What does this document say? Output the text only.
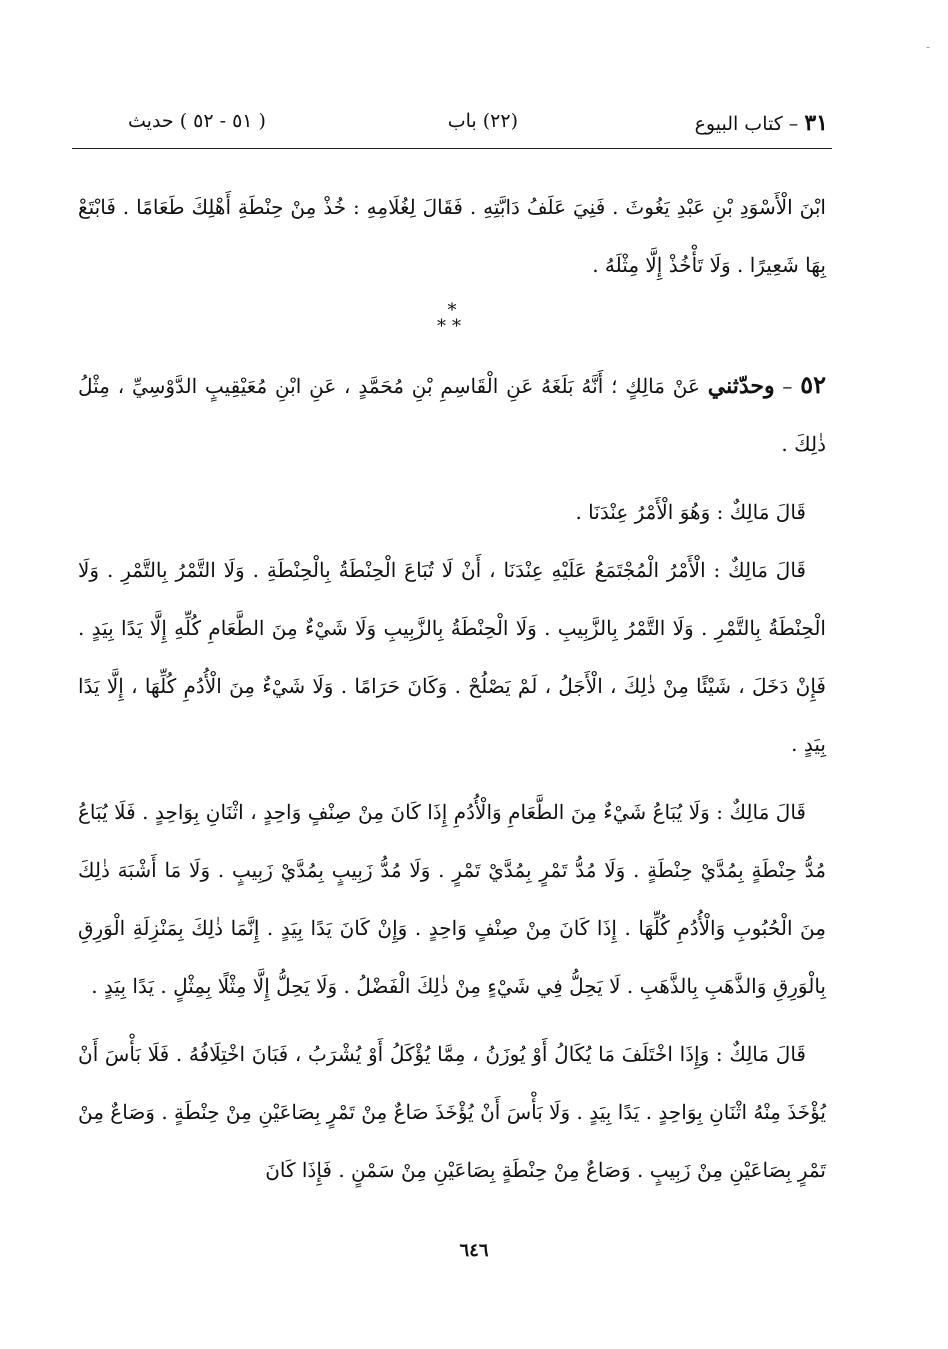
-
٣١ – كتاب البيوع
(٢٢) باب
( ٥١ - ٥٢ ) حديث

ابْنَ الْأَسْوَدِ بْنِ عَبْدِ يَغُوثَ . فَنِيَ عَلَفُ دَابَّتِهِ . فَقَالَ لِغُلَامِهِ : خُذْ مِنْ حِنْطَةِ أَهْلِكَ طَعَامًا . فَابْتَعْ بِهَا شَعِيرًا . وَلَا تَأْخُذْ إِلَّا مِثْلَهُ .

*
**

٥٢ – وحدّثني عَنْ مَالِكٍ ؛ أَنَّهُ بَلَغَهُ عَنِ الْقَاسِمِ بْنِ مُحَمَّدٍ ، عَنِ ابْنِ مُعَيْقِيبٍ الدَّوْسِيِّ ، مِثْلُ ذٰلِكَ .

قَالَ مَالِكٌ : وَهُوَ الْأَمْرُ عِنْدَنَا .

قَالَ مَالِكٌ : الْأَمْرُ الْمُجْتَمَعُ عَلَيْهِ عِنْدَنَا ، أَنْ لَا تُبَاعَ الْحِنْطَةُ بِالْحِنْطَةِ . وَلَا التَّمْرُ بِالتَّمْرِ . وَلَا الْحِنْطَةُ بِالتَّمْرِ . وَلَا التَّمْرُ بِالزَّبِيبِ . وَلَا الْحِنْطَةُ بِالزَّبِيبِ وَلَا شَيْءٌ مِنَ الطَّعَامِ كُلِّهِ إِلَّا يَدًا بِيَدٍ . فَإِنْ دَخَلَ ، شَيْئًا مِنْ ذٰلِكَ ، الْأَجَلُ ، لَمْ يَصْلُحْ . وَكَانَ حَرَامًا . وَلَا شَيْءٌ مِنَ الْأُدُمِ كُلِّهَا ، إِلَّا يَدًا بِيَدٍ .

قَالَ مَالِكٌ : وَلَا يُبَاعُ شَيْءٌ مِنَ الطَّعَامِ وَالْأُدُمِ إِذَا كَانَ مِنْ صِنْفٍ وَاحِدٍ ، اثْنَانِ بِوَاحِدٍ . فَلَا يُبَاعُ مُدُّ حِنْطَةٍ بِمُدَّيْ حِنْطَةٍ . وَلَا مُدُّ تَمْرٍ بِمُدَّيْ تَمْرٍ . وَلَا مُدُّ زَبِيبٍ بِمُدَّيْ زَبِيبٍ . وَلَا مَا أَشْبَهَ ذٰلِكَ مِنَ الْحُبُوبِ وَالْأُدُمِ كُلِّهَا . إِذَا كَانَ مِنْ صِنْفٍ وَاحِدٍ . وَإِنْ كَانَ يَدًا بِيَدٍ . إِنَّمَا ذٰلِكَ بِمَنْزِلَةِ الْوَرِقِ بِالْوَرِقِ وَالذَّهَبِ بِالذَّهَبِ . لَا يَحِلُّ فِي شَيْءٍ مِنْ ذٰلِكَ الْفَضْلُ . وَلَا يَحِلُّ إِلَّا مِثْلًا بِمِثْلٍ . يَدًا بِيَدٍ .

قَالَ مَالِكٌ : وَإِذَا اخْتَلَفَ مَا يُكَالُ أَوْ يُوزَنُ ، مِمَّا يُؤْكَلُ أَوْ يُشْرَبُ ، فَبَانَ اخْتِلَافُهُ . فَلَا بَأْسَ أَنْ يُؤْخَذَ مِنْهُ اثْنَانِ بِوَاحِدٍ . يَدًا بِيَدٍ . وَلَا بَأْسَ أَنْ يُؤْخَذَ صَاعٌ مِنْ تَمْرٍ بِصَاعَيْنِ مِنْ حِنْطَةٍ . وَصَاعٌ مِنْ تَمْرٍ بِصَاعَيْنِ مِنْ زَبِيبٍ . وَصَاعٌ مِنْ حِنْطَةٍ بِصَاعَيْنِ مِنْ سَمْنٍ . فَإِذَا كَانَ

٦٤٦
